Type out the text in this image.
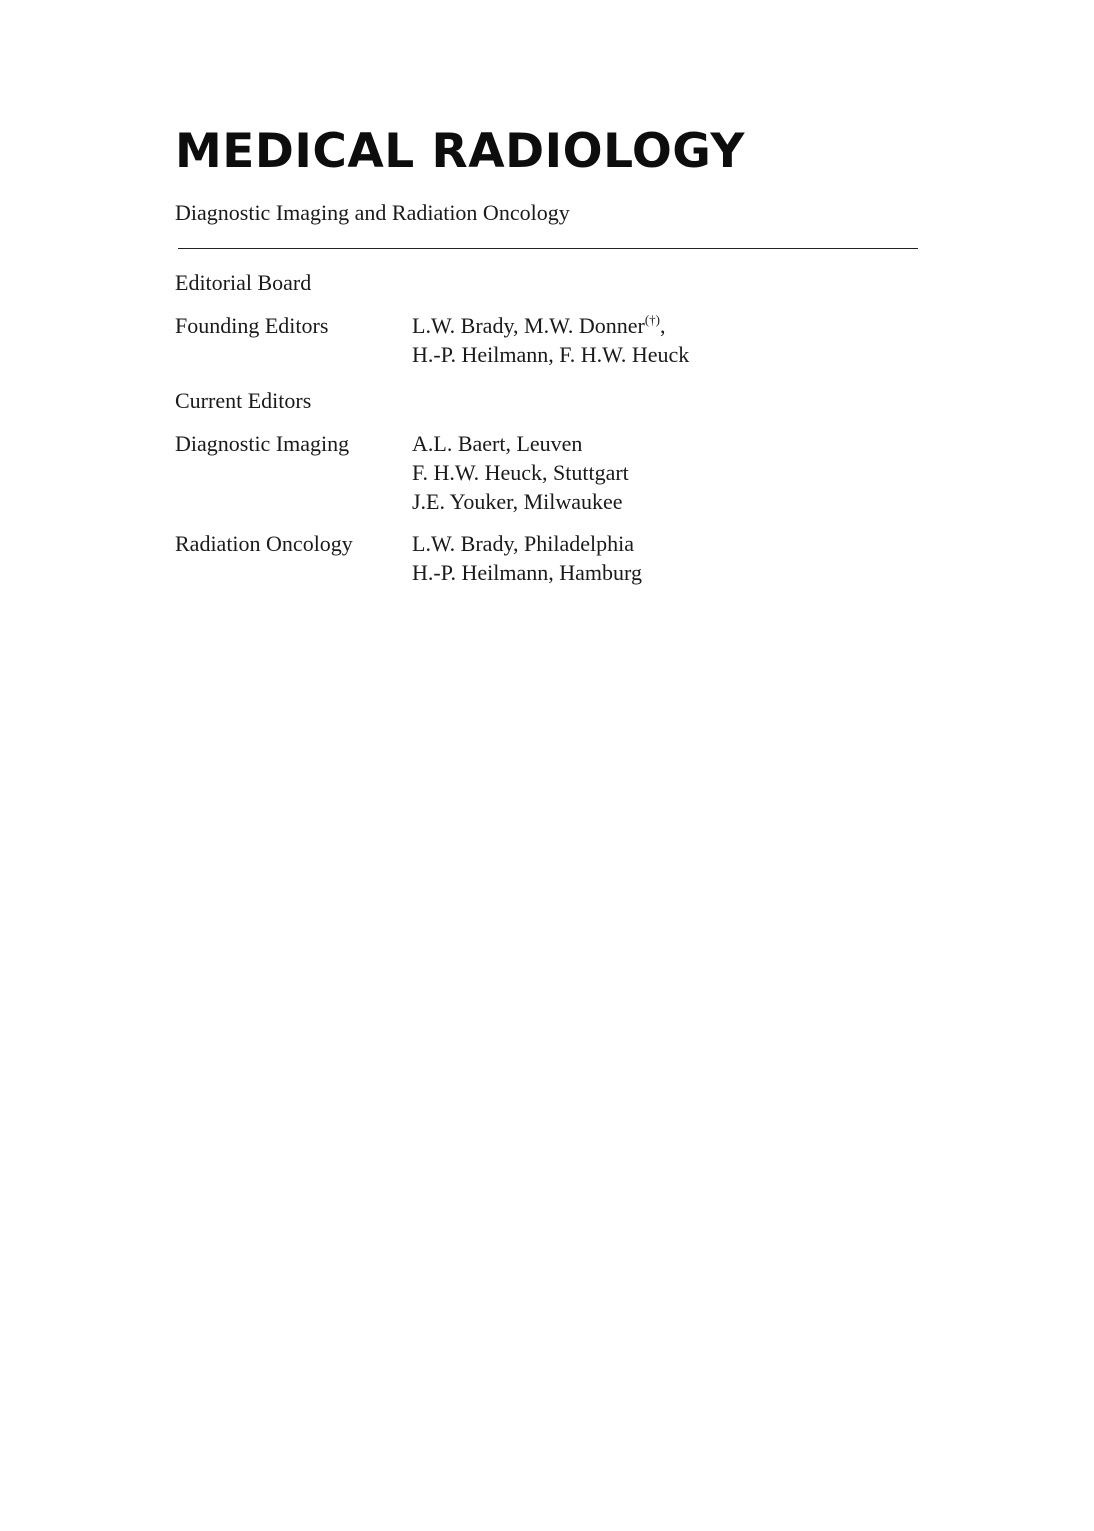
MEDICAL RADIOLOGY
Diagnostic Imaging and Radiation Oncology
Editorial Board
Founding Editors	L.W. Brady, M.W. Donner(†),
H.-P. Heilmann, F. H.W. Heuck
Current Editors
Diagnostic Imaging	A.L. Baert, Leuven
F. H.W. Heuck, Stuttgart
J.E. Youker, Milwaukee
Radiation Oncology	L.W. Brady, Philadelphia
H.-P. Heilmann, Hamburg
